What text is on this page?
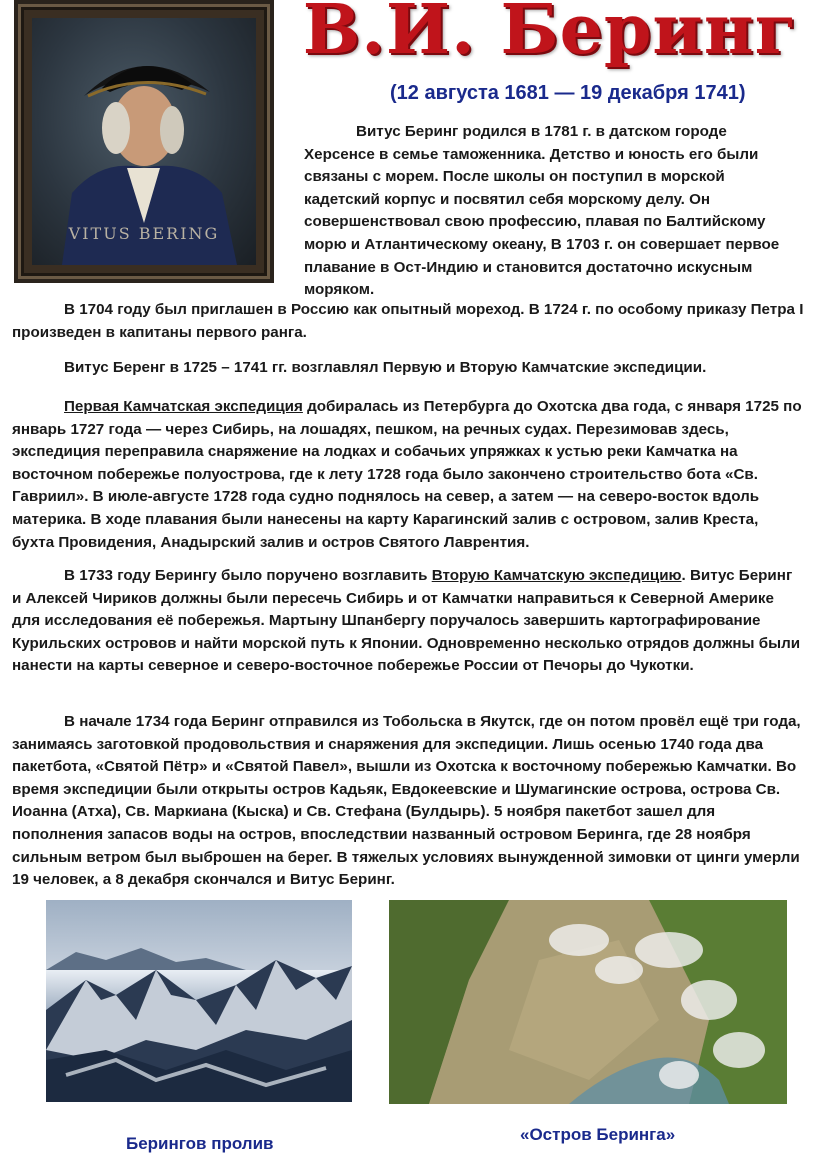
VITUS BERING
В.И. Беринг
(12 августа 1681 — 19 декабря 1741)
Витус Беринг родился в 1781 г. в датском городе Херсенсе в семье таможенника. Детство и юность его были связаны с морем. После школы он поступил в морской кадетский корпус и посвятил себя морскому делу. Он совершенствовал свою профессию, плавая по Балтийскому морю и Атлантическому океану, В 1703 г. он совершает первое плавание в Ост-Индию и становится достаточно искусным моряком.
В 1704 году был приглашен в Россию как опытный мореход. В 1724 г. по особому приказу Петра I произведен в капитаны первого ранга.
Витус Беренг в 1725 – 1741 гг. возглавлял Первую и Вторую Камчатские экспедиции.
Первая Камчатская экспедиция добиралась из Петербурга до Охотска два года, с января 1725 по январь 1727 года — через Сибирь, на лошадях, пешком, на речных судах. Перезимовав здесь, экспедиция переправила снаряжение на лодках и собачьих упряжках к устью реки Камчатка на восточном побережье полуострова, где к лету 1728 года было закончено строительство бота «Св. Гавриил». В июле-августе 1728 года судно поднялось на север, а затем — на северо-восток вдоль материка. В ходе плавания были нанесены на карту Карагинский залив с островом, залив Креста, бухта Провидения, Анадырский залив и остров Святого Лаврентия.
В 1733 году Берингу было поручено возглавить Вторую Камчатскую экспедицию. Витус Беринг и Алексей Чириков должны были пересечь Сибирь и от Камчатки направиться к Северной Америке для исследования её побережья. Мартыну Шпанбергу поручалось завершить картографирование Курильских островов и найти морской путь к Японии. Одновременно несколько отрядов должны были нанести на карты северное и северо-восточное побережье России от Печоры до Чукотки.
В начале 1734 года Беринг отправился из Тобольска в Якутск, где он потом провёл ещё три года, занимаясь заготовкой продовольствия и снаряжения для экспедиции. Лишь осенью 1740 года два пакетбота, «Святой Пётр» и «Святой Павел», вышли из Охотска к восточному побережью Камчатки. Во время экспедиции были открыты остров Кадьяк, Евдокеевские и Шумагинские острова, острова Св. Иоанна (Атха), Св. Маркиана (Кыска) и Св. Стефана (Булдырь). 5 ноября пакетбот зашел для пополнения запасов воды на остров, впоследствии названный островом Беринга, где 28 ноября сильным ветром был выброшен на берег. В тяжелых условиях вынужденной зимовки от цинги умерли 19 человек, а 8 декабря скончался и Витус Беринг.
Берингов пролив	«Остров Беринга»
